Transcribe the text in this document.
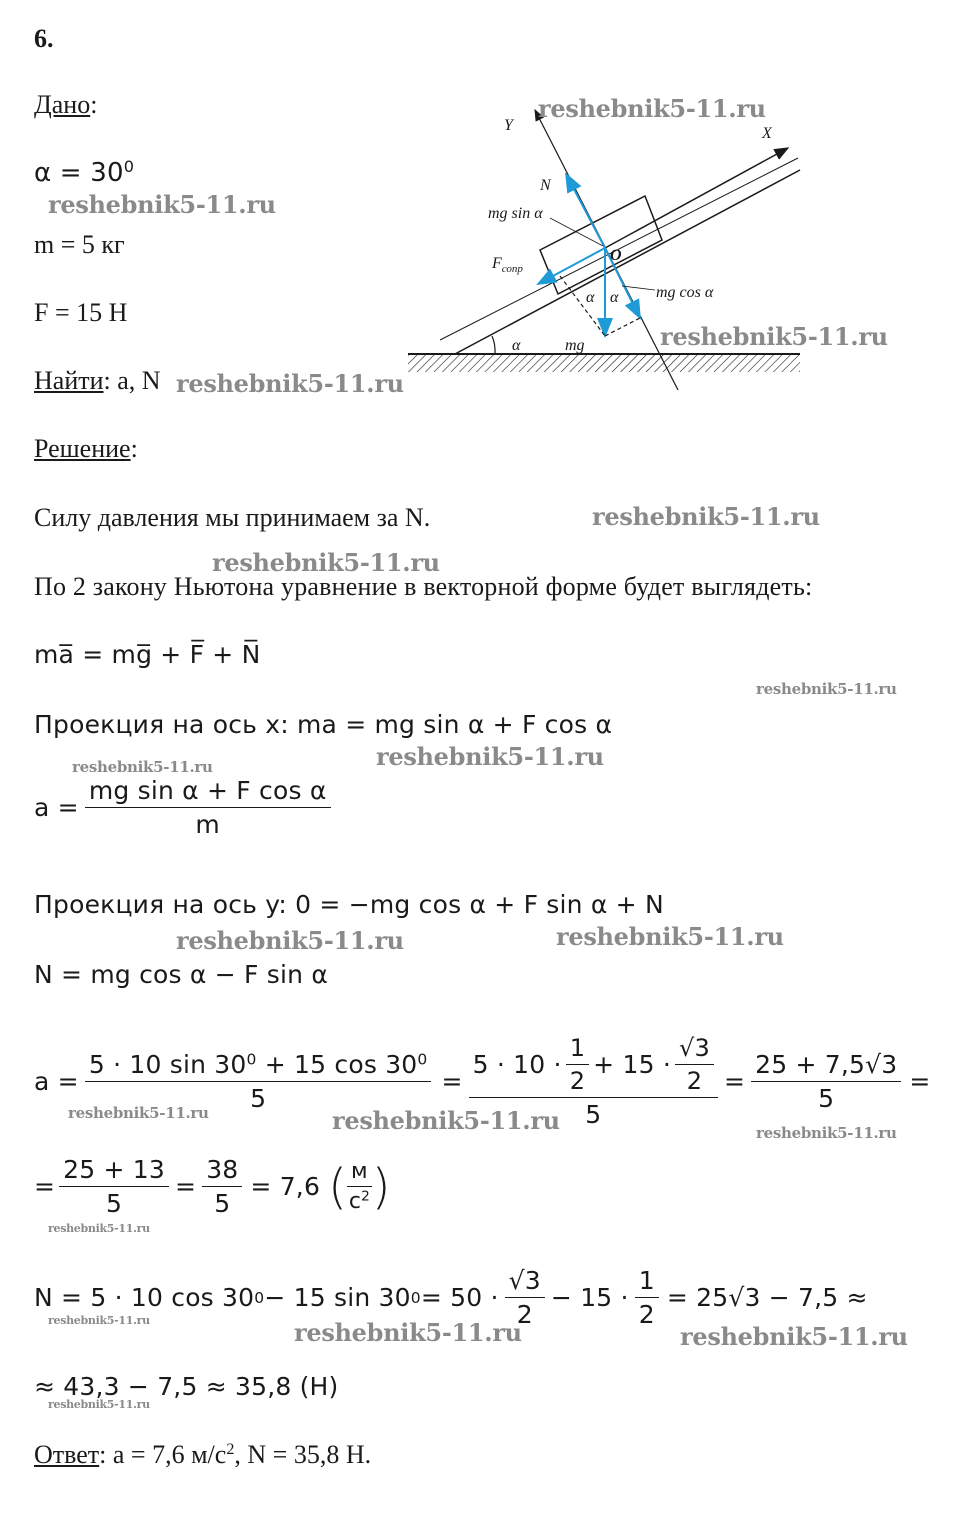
6.
Дано:
$\alpha = 30^0$
m = 5 кг
F = 15 Н
Найти: a, N
Решение:
Силу давления мы принимаем за N.
По 2 закону Ньютона уравнение в векторной форме будет выглядеть:
ma̅ = mg̅ + F̅ + N̅
Проекция на ось x: ma = mg sin α + F cos α
$a = \frac{\text{mg sin α + F cos α}}{m}$
Проекция на ось y: 0 = −mg cos α + F sin α + N
N = mg cos α − F sin α
$a = \frac{5 \cdot 10 \sin 30^0 + 15 \cos 30^0}{5} = \frac{5 \cdot 10 \cdot \frac{1}{2} + 15 \cdot \frac{√3}{2}}{5} = \frac{25 + 7,5√3}{5}$ =
= $\frac{25 + 13}{5} = \frac{38}{5} = 7,6$ ( $\frac{м}{с^2}$ )
N = 5 · 10 cos 30 0 − 15 sin 30 $0 = 50 \cdot \frac{√3}{2} - 15 \cdot \frac{1}{2} = 25√3 - 7,5$ ≈
≈ 43,3 − 7,5 ≈ 35,8 (Н)
Ответ: a = 7,6 $м/с^2$, N = 35,8 Н.
α
X
Y
N
mg sin α
$F_{сопр}$
O
mg
α α mg cos α
reshebnik5-11.ru
reshebnik5-11.ru
reshebnik5-11.ru
reshebnik5-11.ru
reshebnik5-11.ru
reshebnik5-11.ru
reshebnik5-11.ru
reshebnik5-11.ru
reshebnik5-11.ru
reshebnik5-11.ru	reshebnik5-11.ru
reshebnik5-11.ru	reshebnik5-11.ru	reshebnik5-11.ru
reshebnik5-11.ru
reshebnik5-11.ru	reshebnik5-11.ru	reshebnik5-11.ru
reshebnik5-11.ru
